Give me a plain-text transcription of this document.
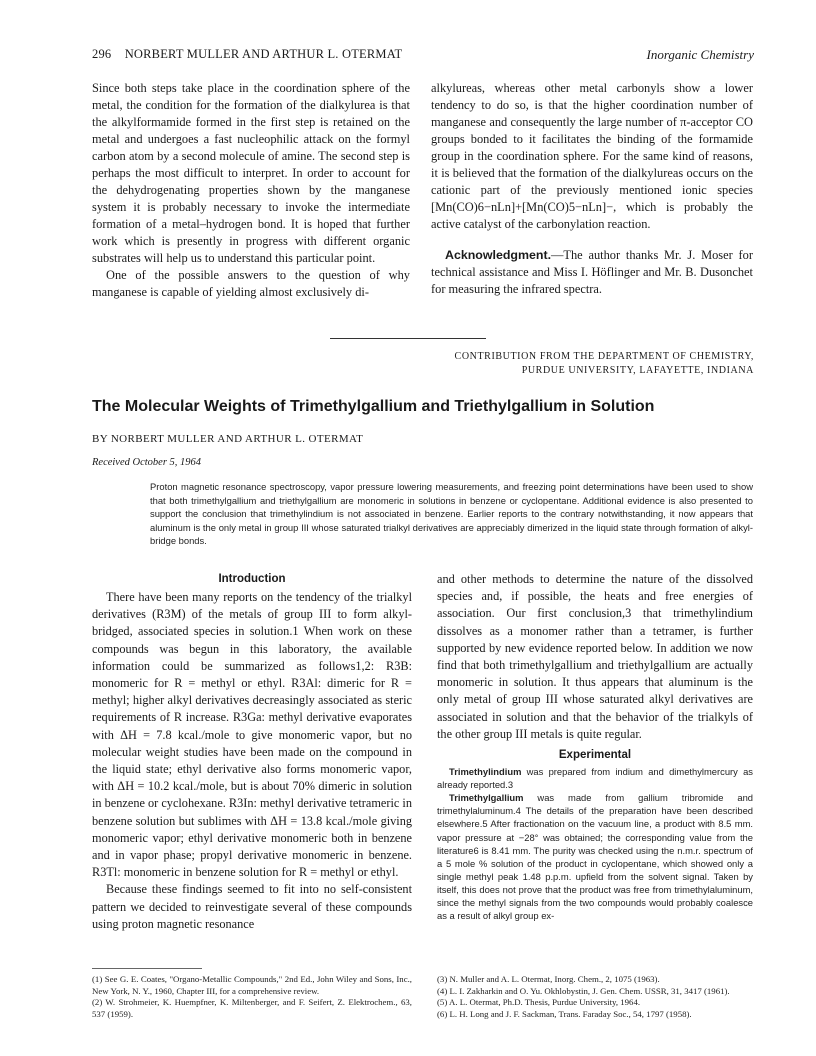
296 NORBERT MULLER AND ARTHUR L. OTERMAT	Inorganic Chemistry

Since both steps take place in the coordination sphere of the metal, the condition for the formation of the dialkylurea is that the alkylformamide formed in the first step is retained on the metal and undergoes a fast nucleophilic attack on the formyl carbon atom by a second molecule of amine. The second step is perhaps the most difficult to interpret. In order to account for the dehydrogenating properties shown by the manganese system it is probably necessary to invoke the intermediate formation of a metal–hydrogen bond. It is hoped that further work which is presently in progress with different organic substrates will help us to understand this particular point.

One of the possible answers to the question of why manganese is capable of yielding almost exclusively di-

alkylureas, whereas other metal carbonyls show a lower tendency to do so, is that the higher coordination number of manganese and consequently the large number of π-acceptor CO groups bonded to it facilitates the binding of the formamide group in the coordination sphere. For the same kind of reasons, it is believed that the formation of the dialkylureas occurs on the cationic part of the previously mentioned ionic species [Mn(CO)6−nLn]+[Mn(CO)5−nLn]−, which is probably the active catalyst of the carbonylation reaction.

Acknowledgment.—The author thanks Mr. J. Moser for technical assistance and Miss I. Höflinger and Mr. B. Dusonchet for measuring the infrared spectra.

CONTRIBUTION FROM THE DEPARTMENT OF CHEMISTRY,
PURDUE UNIVERSITY, LAFAYETTE, INDIANA
The Molecular Weights of Trimethylgallium and Triethylgallium in Solution
BY NORBERT MULLER AND ARTHUR L. OTERMAT
Received October 5, 1964
Proton magnetic resonance spectroscopy, vapor pressure lowering measurements, and freezing point determinations have been used to show that both trimethylgallium and triethylgallium are monomeric in solutions in benzene or cyclopentane. Additional evidence is also presented to support the conclusion that trimethylindium is not associated in benzene. Earlier reports to the contrary notwithstanding, it now appears that aluminum is the only metal in group III whose saturated trialkyl derivatives are appreciably dimerized in the liquid state through formation of alkyl-bridge bonds.
Introduction

There have been many reports on the tendency of the trialkyl derivatives (R3M) of the metals of group III to form alkyl-bridged, associated species in solution.1 When work on these compounds was begun in this laboratory, the available information could be summarized as follows1,2: R3B: monomeric for R = methyl or ethyl. R3Al: dimeric for R = methyl; higher alkyl derivatives decreasingly associated as steric requirements of R increase. R3Ga: methyl derivative evaporates with ΔH = 7.8 kcal./mole to give monomeric vapor, but no molecular weight studies have been made on the compound in the liquid state; ethyl derivative also forms monomeric vapor, with ΔH = 10.2 kcal./mole, but is about 70% dimeric in solution in benzene or cyclohexane. R3In: methyl derivative tetrameric in benzene solution but sublimes with ΔH = 13.8 kcal./mole giving monomeric vapor; ethyl derivative monomeric both in benzene and in vapor phase; propyl derivative monomeric in benzene. R3Tl: monomeric in benzene solution for R = methyl or ethyl.

Because these findings seemed to fit into no self-consistent pattern we decided to reinvestigate several of these compounds using proton magnetic resonance

and other methods to determine the nature of the dissolved species and, if possible, the heats and free energies of association. Our first conclusion,3 that trimethylindium dissolves as a monomer rather than a tetramer, is further supported by new evidence reported below. In addition we now find that both trimethylgallium and triethylgallium are actually monomeric in solution. It thus appears that aluminum is the only metal of group III whose saturated alkyl derivatives are associated in solution and that the behavior of the trialkyls of the other group III metals is quite regular.
Experimental

Trimethylindium was prepared from indium and dimethylmercury as already reported.3

Trimethylgallium was made from gallium tribromide and trimethylaluminum.4 The details of the preparation have been described elsewhere.5 After fractionation on the vacuum line, a product with 8.5 mm. vapor pressure at −28° was obtained; the corresponding value from the literature6 is 8.41 mm. The purity was checked using the n.m.r. spectrum of a 5 mole % solution of the product in cyclopentane, which showed only a single methyl peak 1.48 p.p.m. upfield from the solvent signal. Taken by itself, this does not prove that the product was free from trimethylaluminum, since the methyl signals from the two compounds would probably coalesce as a result of alkyl group ex-

(1) See G. E. Coates, "Organo-Metallic Compounds," 2nd Ed., John Wiley and Sons, Inc., New York, N. Y., 1960, Chapter III, for a comprehensive review.

(2) W. Strohmeier, K. Huempfner, K. Miltenberger, and F. Seifert, Z. Elektrochem., 63, 537 (1959).

(3) N. Muller and A. L. Otermat, Inorg. Chem., 2, 1075 (1963).

(4) L. I. Zakharkin and O. Yu. Okhlobystin, J. Gen. Chem. USSR, 31, 3417 (1961).

(5) A. L. Otermat, Ph.D. Thesis, Purdue University, 1964.

(6) L. H. Long and J. F. Sackman, Trans. Faraday Soc., 54, 1797 (1958).
